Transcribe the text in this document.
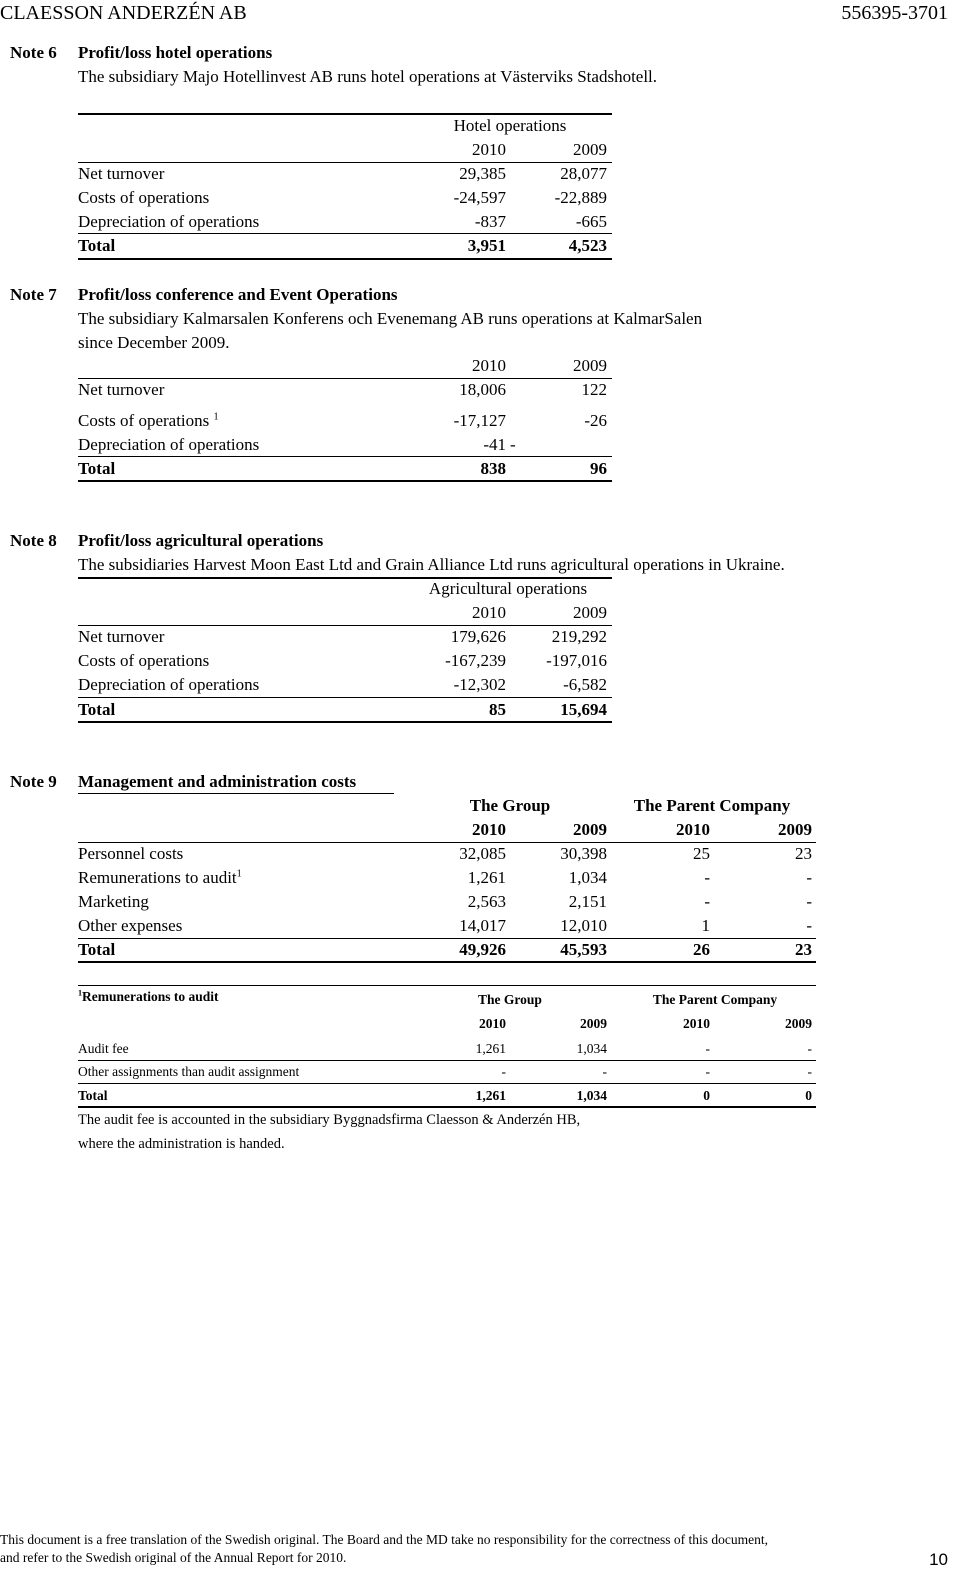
CLAESSON ANDERZÉN AB	556395-3701
Note 6 Profit/loss hotel operations
The subsidiary Majo Hotellinvest AB runs hotel operations at Västerviks Stadshotell.
Hotel operations
2010	2009
Net turnover	29,385	28,077
Costs of operations	-24,597	-22,889
Depreciation of operations	-837	-665
Total	3,951	4,523
Note 7 Profit/loss conference and Event Operations
The subsidiary Kalmarsalen Konferens och Evenemang AB runs operations at KalmarSalen
since December 2009.
2010	2009
Net turnover	18,006	122
Costs of operations $^1$	-17,127	-26
Depreciation of operations	-41 -
Total	838	96
Note 8 Profit/loss agricultural operations
The subsidiaries Harvest Moon East Ltd and Grain Alliance Ltd runs agricultural operations in Ukraine.
Agricultural operations
2010	2009
Net turnover	179,626	219,292
Costs of operations	-167,239	-197,016
Depreciation of operations	-12,302	-6,582
Total	85	15,694
Note 9 Management and administration costs
The Group	The Parent Company
2010	2009	2010	2009
Personnel costs	32,085	30,398	25	23
Remunerations to audit$^1$	1,261	1,034	-	-
Marketing	2,563	2,151	-	-
Other expenses	14,017	12,010	1	-
Total	49,926	45,593	26	23
$^1$Remunerations to audit	The Group	The Parent Company
2010	2009	2010	2009
Audit fee	1,261	1,034	-	-
Other assignments than audit assignment	-	-	-	-
Total	1,261	1,034	0	0
The audit fee is accounted in the subsidiary Byggnadsfirma Claesson & Anderzén HB,
where the administration is handed.
This document is a free translation of the Swedish original. The Board and the MD take no responsibility for the correctness of this document,
and refer to the Swedish original of the Annual Report for 2010.	10
